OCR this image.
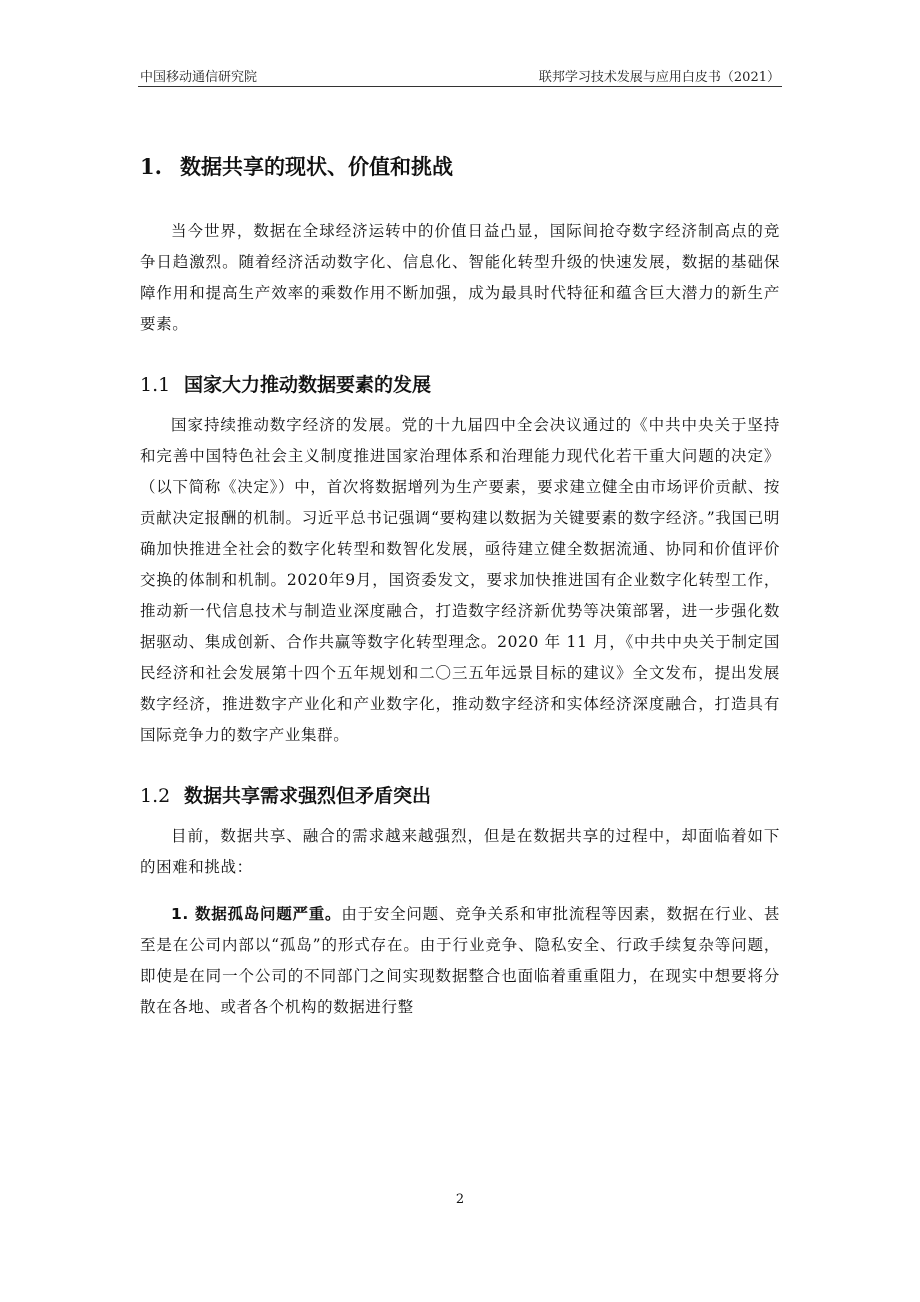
中国移动通信研究院	联邦学习技术发展与应用白皮书（2021）
1. 数据共享的现状、价值和挑战

当今世界，数据在全球经济运转中的价值日益凸显，国际间抢夺数字经济制高点的竞争日趋激烈。随着经济活动数字化、信息化、智能化转型升级的快速发展，数据的基础保障作用和提高生产效率的乘数作用不断加强，成为最具时代特征和蕴含巨大潜力的新生产要素。

1.1 国家大力推动数据要素的发展

国家持续推动数字经济的发展。党的十九届四中全会决议通过的《中共中央关于坚持和完善中国特色社会主义制度推进国家治理体系和治理能力现代化若干重大问题的决定》（以下简称《决定》）中，首次将数据增列为生产要素，要求建立健全由市场评价贡献、按贡献决定报酬的机制。习近平总书记强调“要构建以数据为关键要素的数字经济。”我国已明确加快推进全社会的数字化转型和数智化发展，亟待建立健全数据流通、协同和价值评价交换的体制和机制。2020年9月，国资委发文，要求加快推进国有企业数字化转型工作，推动新一代信息技术与制造业深度融合，打造数字经济新优势等决策部署，进一步强化数据驱动、集成创新、合作共赢等数字化转型理念。2020 年 11 月，《中共中央关于制定国民经济和社会发展第十四个五年规划和二〇三五年远景目标的建议》全文发布，提出发展数字经济，推进数字产业化和产业数字化，推动数字经济和实体经济深度融合，打造具有国际竞争力的数字产业集群。

1.2 数据共享需求强烈但矛盾突出

目前，数据共享、融合的需求越来越强烈，但是在数据共享的过程中，却面临着如下的困难和挑战：

1. 数据孤岛问题严重。由于安全问题、竞争关系和审批流程等因素，数据在行业、甚至是在公司内部以“孤岛”的形式存在。由于行业竞争、隐私安全、行政手续复杂等问题，即使是在同一个公司的不同部门之间实现数据整合也面临着重重阻力，在现实中想要将分散在各地、或者各个机构的数据进行整

2
